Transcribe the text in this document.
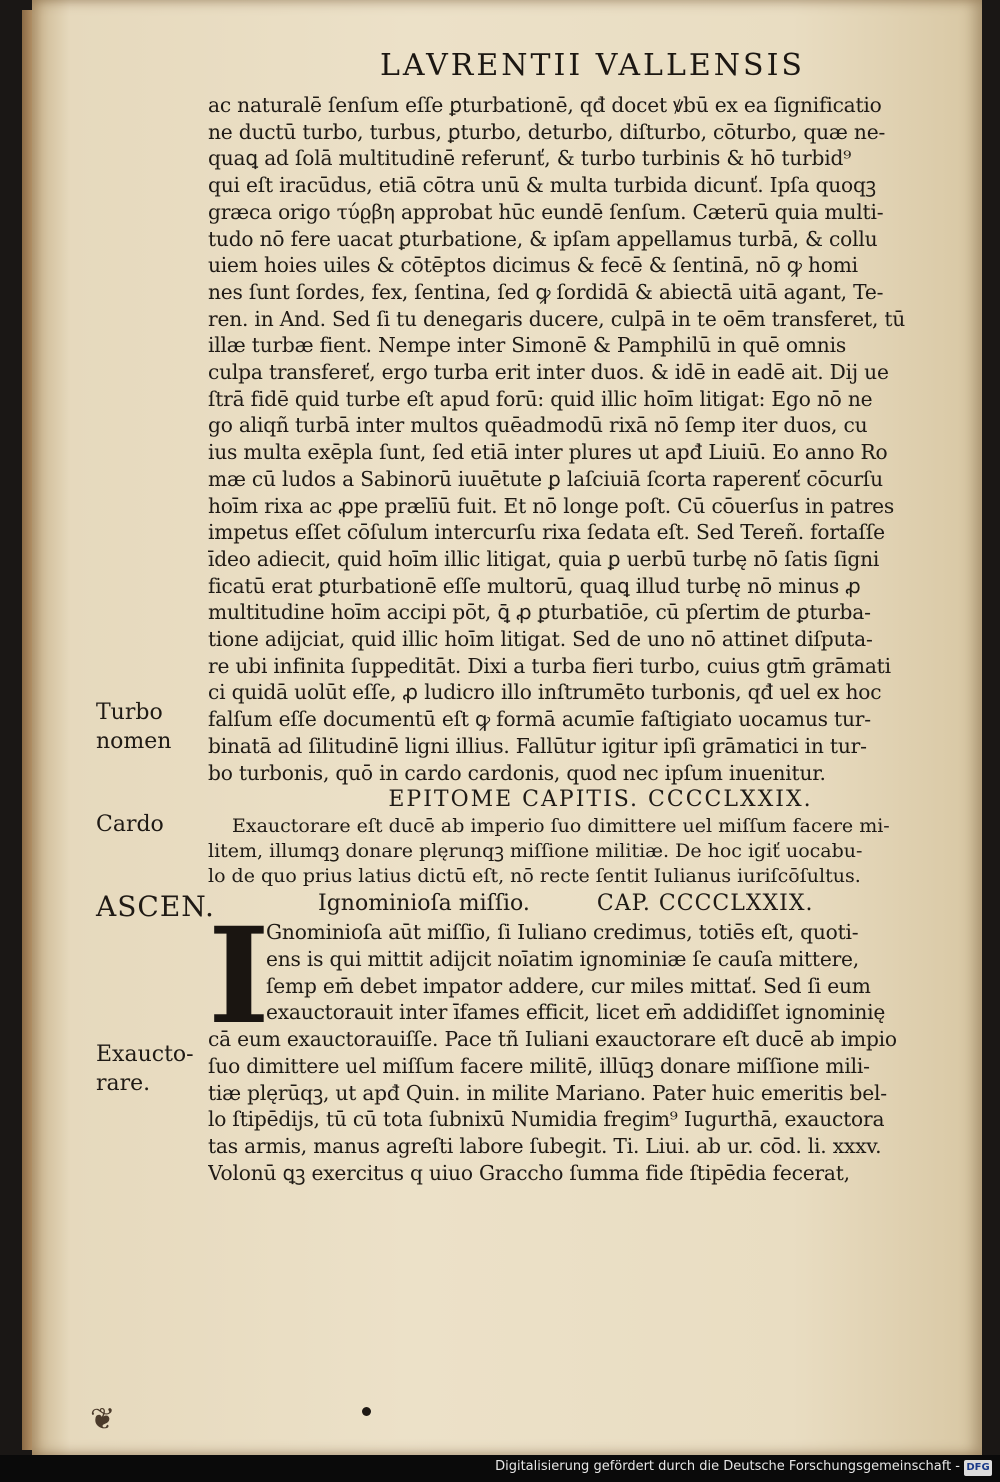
LAVRENTII VALLENSIS
ac naturalē ſenſum eſſe ꝑturbationē, qđ docet ꝟbū ex ea ſignificatio
ne ductū turbo, turbus, ꝑturbo, deturbo, diſturbo, cōturbo, quæ ne-
quaꝗ ad ſolā multitudinē referunť, & turbo turbinis & hō turbid⁹
qui eſt iracūdus, etiā cōtra unū & multa turbida dicunť. Ipſa quoqꝫ
græca origo τύϱβη approbat hūc eundē ſenſum. Cæterū quia multi-
tudo nō fere uacat ꝑturbatione, & ipſam appellamus turbā, & collu
uiem hoies uiles & cōtēptos dicimus & fecē & ſentinā, nō ꝙ homi
nes ſunt ſordes, fex, ſentina, ſed ꝙ ſordidā & abiectā uitā agant, Te-
ren. in And. Sed ſi tu denegaris ducere, culpā in te oēm transferet, tū
illæ turbæ fient. Nempe inter Simonē & Pamphilū in quē omnis
culpa transfereť, ergo turba erit inter duos. & idē in eadē ait. Dij ue
ſtrā fidē quid turbe eſt apud forū: quid illic hoīm litigat: Ego nō ne
go aliqñ turbā inter multos quēadmodū rixā nō ſemp iter duos, cu
ius multa exēpla ſunt, ſed etiā inter plures ut apđ Liuiū. Eo anno Ro
mæ cū ludos a Sabinorū iuuētute ꝑ laſciuiā ſcorta raperenť cōcurſu
hoīm rixa ac ꝓpe prælīū fuit. Et nō longe poſt. Cū cōuerſus in patres
impetus eſſet cōſulum intercurſu rixa ſedata eſt. Sed Tereñ. fortaſſe
īdeo adiecit, quid hoīm illic litigat, quia ꝑ uerbū turbę nō ſatis ſigni
ficatū erat ꝑturbationē eſſe multorū, quaꝗ illud turbę nō minus ꝓ
multitudine hoīm accipi pōt, ꝗ̄ ꝓ ꝑturbatiōe, cū pſertim de ꝑturba-
tione adijciat, quid illic hoīm litigat. Sed de uno nō attinet diſputa-
re ubi infinita ſuppeditāt. Dixi a turba fieri turbo, cuius gtm̄ grāmati
ci quidā uolūt eſſe, ꝓ ludicro illo inſtrumēto turbonis, qđ uel ex hoc
falſum eſſe documentū eſt ꝙ formā acumīe faſtigiato uocamus tur-
binatā ad ſilitudinē ligni illius. Fallūtur igitur ipſi grāmatici in tur-
bo turbonis, quō in cardo cardonis, quod nec ipſum inuenitur.
EPITOME CAPITIS. CCCCLXXIX.
Exauctorare eſt ducē ab imperio ſuo dimittere uel miſſum facere mi-
litem, illumqꝫ donare plęrunqꝫ miſſione militiæ. De hoc igiť uocabu-
lo de quo prius latius dictū eſt, nō recte ſentit Iulianus iuriſcōſultus.
Ignominioſa miſſio.	CAP. CCCCLXXIX.
I
Gnominioſa aūt miſſio, ſi Iuliano credimus, totiēs eſt, quoti-
ens is qui mittit adijcit noīatim ignominiæ ſe cauſa mittere,
ſemp em̄ debet impator addere, cur miles mittať. Sed ſi eum
exauctorauit inter īfames efficit, licet em̄ addidiſſet ignominię
cā eum exauctorauiſſe. Pace tñ Iuliani exauctorare eſt ducē ab impio
ſuo dimittere uel miſſum facere militē, illūqꝫ donare miſſione mili-
tiæ plęrūqꝫ, ut apđ Quin. in milite Mariano. Pater huic emeritis bel-
lo ſtipēdijs, tū cū tota ſubnixū Numidia fregim⁹ Iugurthā, exauctora
tas armis, manus agreſti labore ſubegit. Ti. Liui. ab ur. cōd. li. xxxv.
Volonū ꝗꝫ exercitus q uiuo Graccho ſumma fide ſtipēdia fecerat,
Turbo
nomen
Cardo
ASCEN.
Exaucto-
rare.
❦
Digitalisierung gefördert durch die Deutsche Forschungsgemeinschaft - DFG
